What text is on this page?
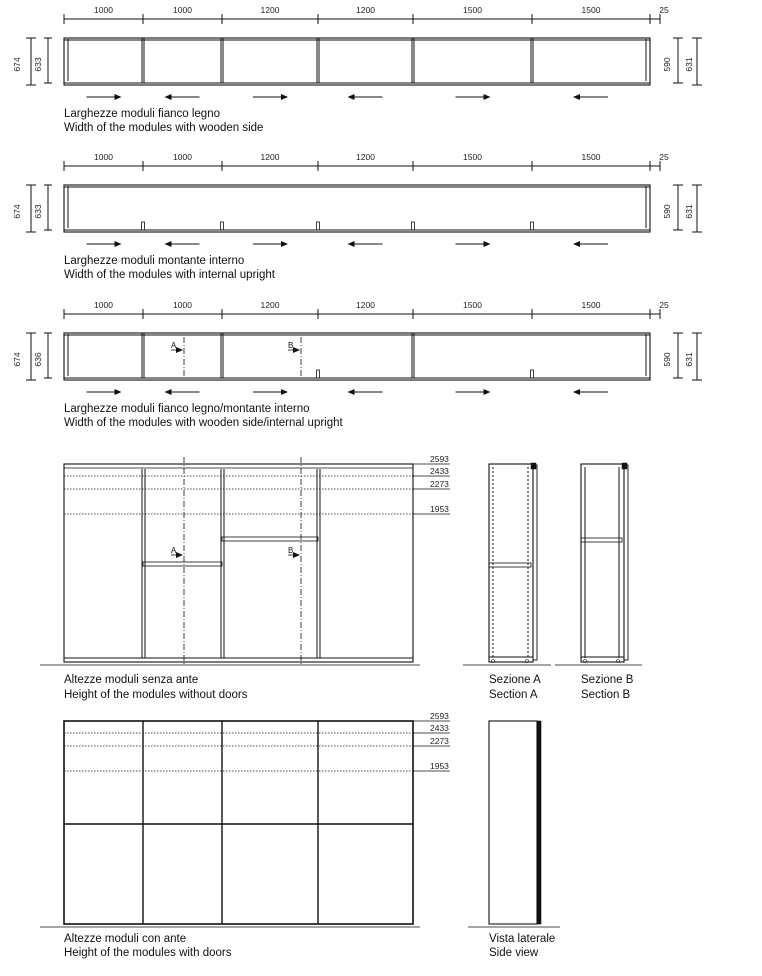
1000	1000	1200	1200	1500	1500	25
674 633	590 631
Larghezze moduli fianco legno
Width of the modules with wooden side
1000	1000	1200	1200	1500	1500	25
674 633	590 631
Larghezze moduli montante interno
Width of the modules with internal upright
1000	1000	1200	1200	1500	1500	25
A	B
674 636	590 631
Larghezze moduli fianco legno/montante interno
Width of the modules with wooden side/internal upright
2593
2433
2273
1953
A	B
Altezze moduli senza ante
Height of the modules without doors
Sezione A
Section A
Sezione B
Section B
2593
2433
2273
1953
Altezze moduli con ante
Height of the modules with doors
Vista laterale
Side view
